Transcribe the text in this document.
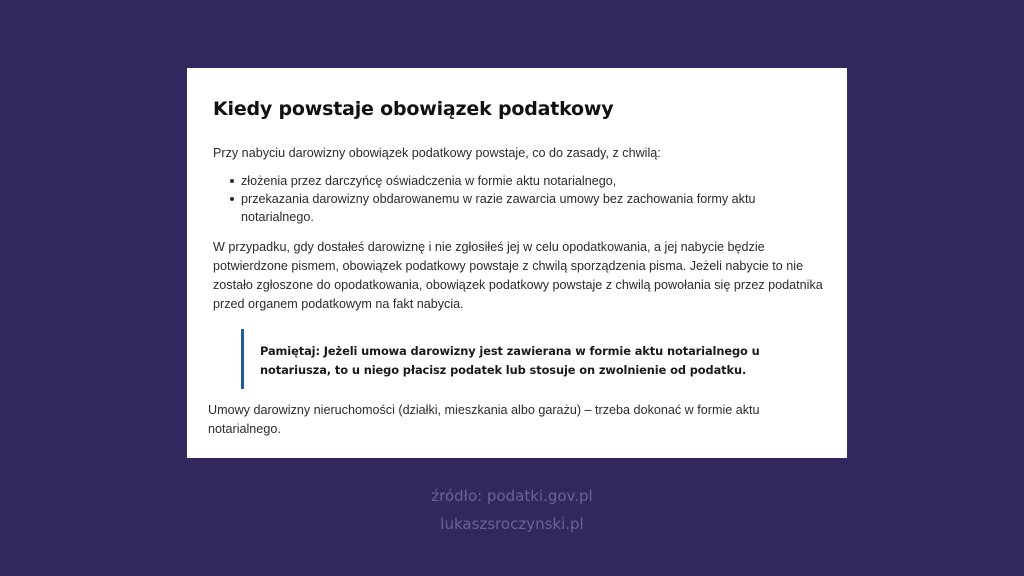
Kiedy powstaje obowiązek podatkowy

Przy nabyciu darowizny obowiązek podatkowy powstaje, co do zasady, z chwilą:

złożenia przez darczyńcę oświadczenia w formie aktu notarialnego,
przekazania darowizny obdarowanemu w razie zawarcia umowy bez zachowania formy aktu notarialnego.

W przypadku, gdy dostałeś darowiznę i nie zgłosiłeś jej w celu opodatkowania, a jej nabycie będzie potwierdzone pismem, obowiązek podatkowy powstaje z chwilą sporządzenia pisma. Jeżeli nabycie to nie zostało zgłoszone do opodatkowania, obowiązek podatkowy powstaje z chwilą powołania się przez podatnika przed organem podatkowym na fakt nabycia.

Pamiętaj: Jeżeli umowa darowizny jest zawierana w formie aktu notarialnego u notariusza, to u niego płacisz podatek lub stosuje on zwolnienie od podatku.

Umowy darowizny nieruchomości (działki, mieszkania albo garażu) – trzeba dokonać w formie aktu notarialnego.

źródło: podatki.gov.pl
lukaszsroczynski.pl
